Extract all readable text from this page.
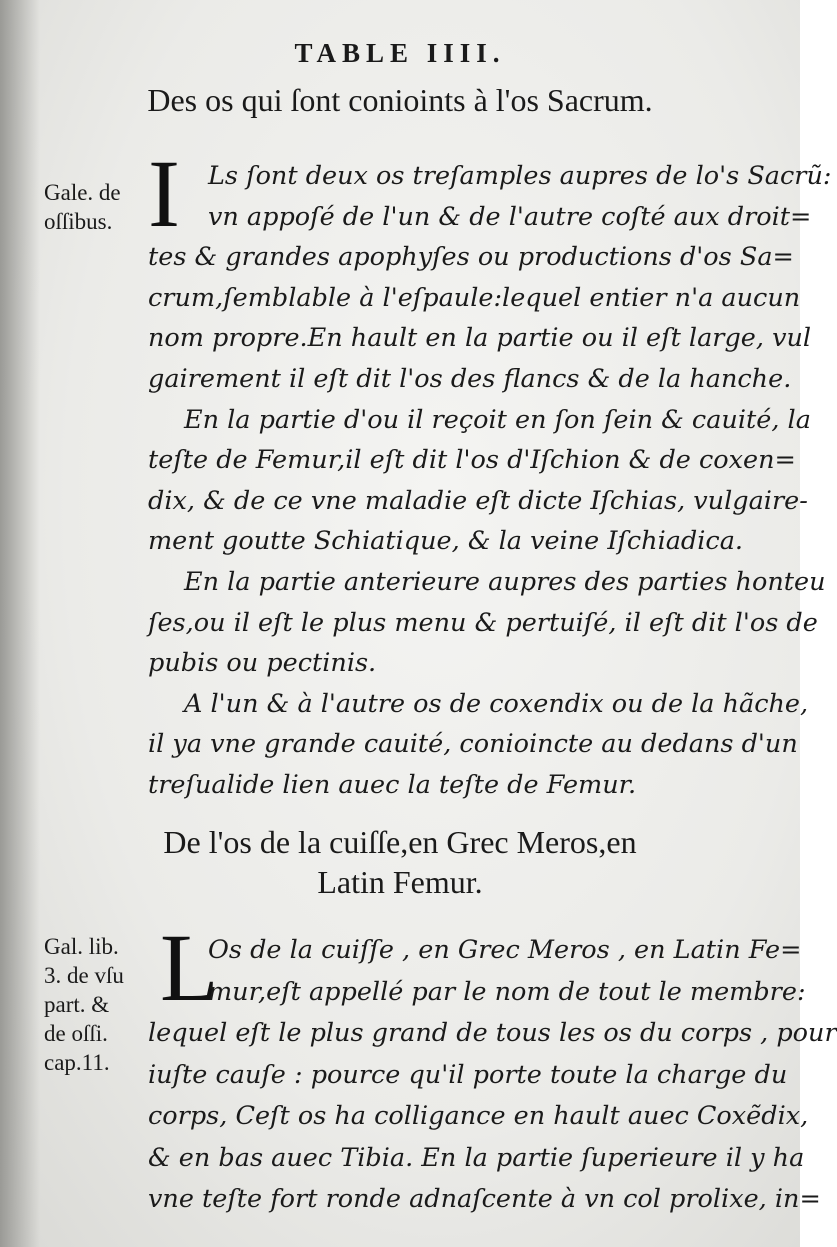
TABLE IIII.
Des os qui ſont conioints à l'os Sacrum.
Gale. de
oſſibus. I	Ls ſont deux os treſamples aupres de lo's Sacrũ:
vn appoſé de l'un & de l'autre coſté aux droit=
tes & grandes apophyſes ou productions d'os Sa=
crum,ſemblable à l'eſpaule:lequel entier n'a aucun
nom propre.En hault en la partie ou il eſt large, vul
gairement il eſt dit l'os des flancs & de la hanche.
En la partie d'ou il reçoit en ſon ſein & cauité, la
teſte de Femur,il eſt dit l'os d'Iſchion & de coxen=
dix, & de ce vne maladie eſt dicte Iſchias, vulgaire-
ment goutte Schiatique, & la veine Iſchiadica.
En la partie anterieure aupres des parties honteu
ſes,ou il eſt le plus menu & pertuiſé, il eſt dit l'os de
pubis ou pectinis.
A l'un & à l'autre os de coxendix ou de la hãche,
il ya vne grande cauité, conioincte au dedans d'un
treſualide lien auec la teſte de Femur.
De l'os de la cuiſſe,en Grec Meros,en
Latin Femur.
Gal. lib.
3. de vſu
part. &
de oſſi.
cap.11.
L
Os de la cuiſſe , en Grec Meros , en Latin Fe=
mur,eſt appellé par le nom de tout le membre:
lequel eſt le plus grand de tous les os du corps , pour
iuſte cauſe : pource qu'il porte toute la charge du
corps, Ceſt os ha colligance en hault auec Coxẽdix,
& en bas auec Tibia. En la partie ſuperieure il y ha
vne teſte fort ronde adnaſcente à vn col prolixe, in=
